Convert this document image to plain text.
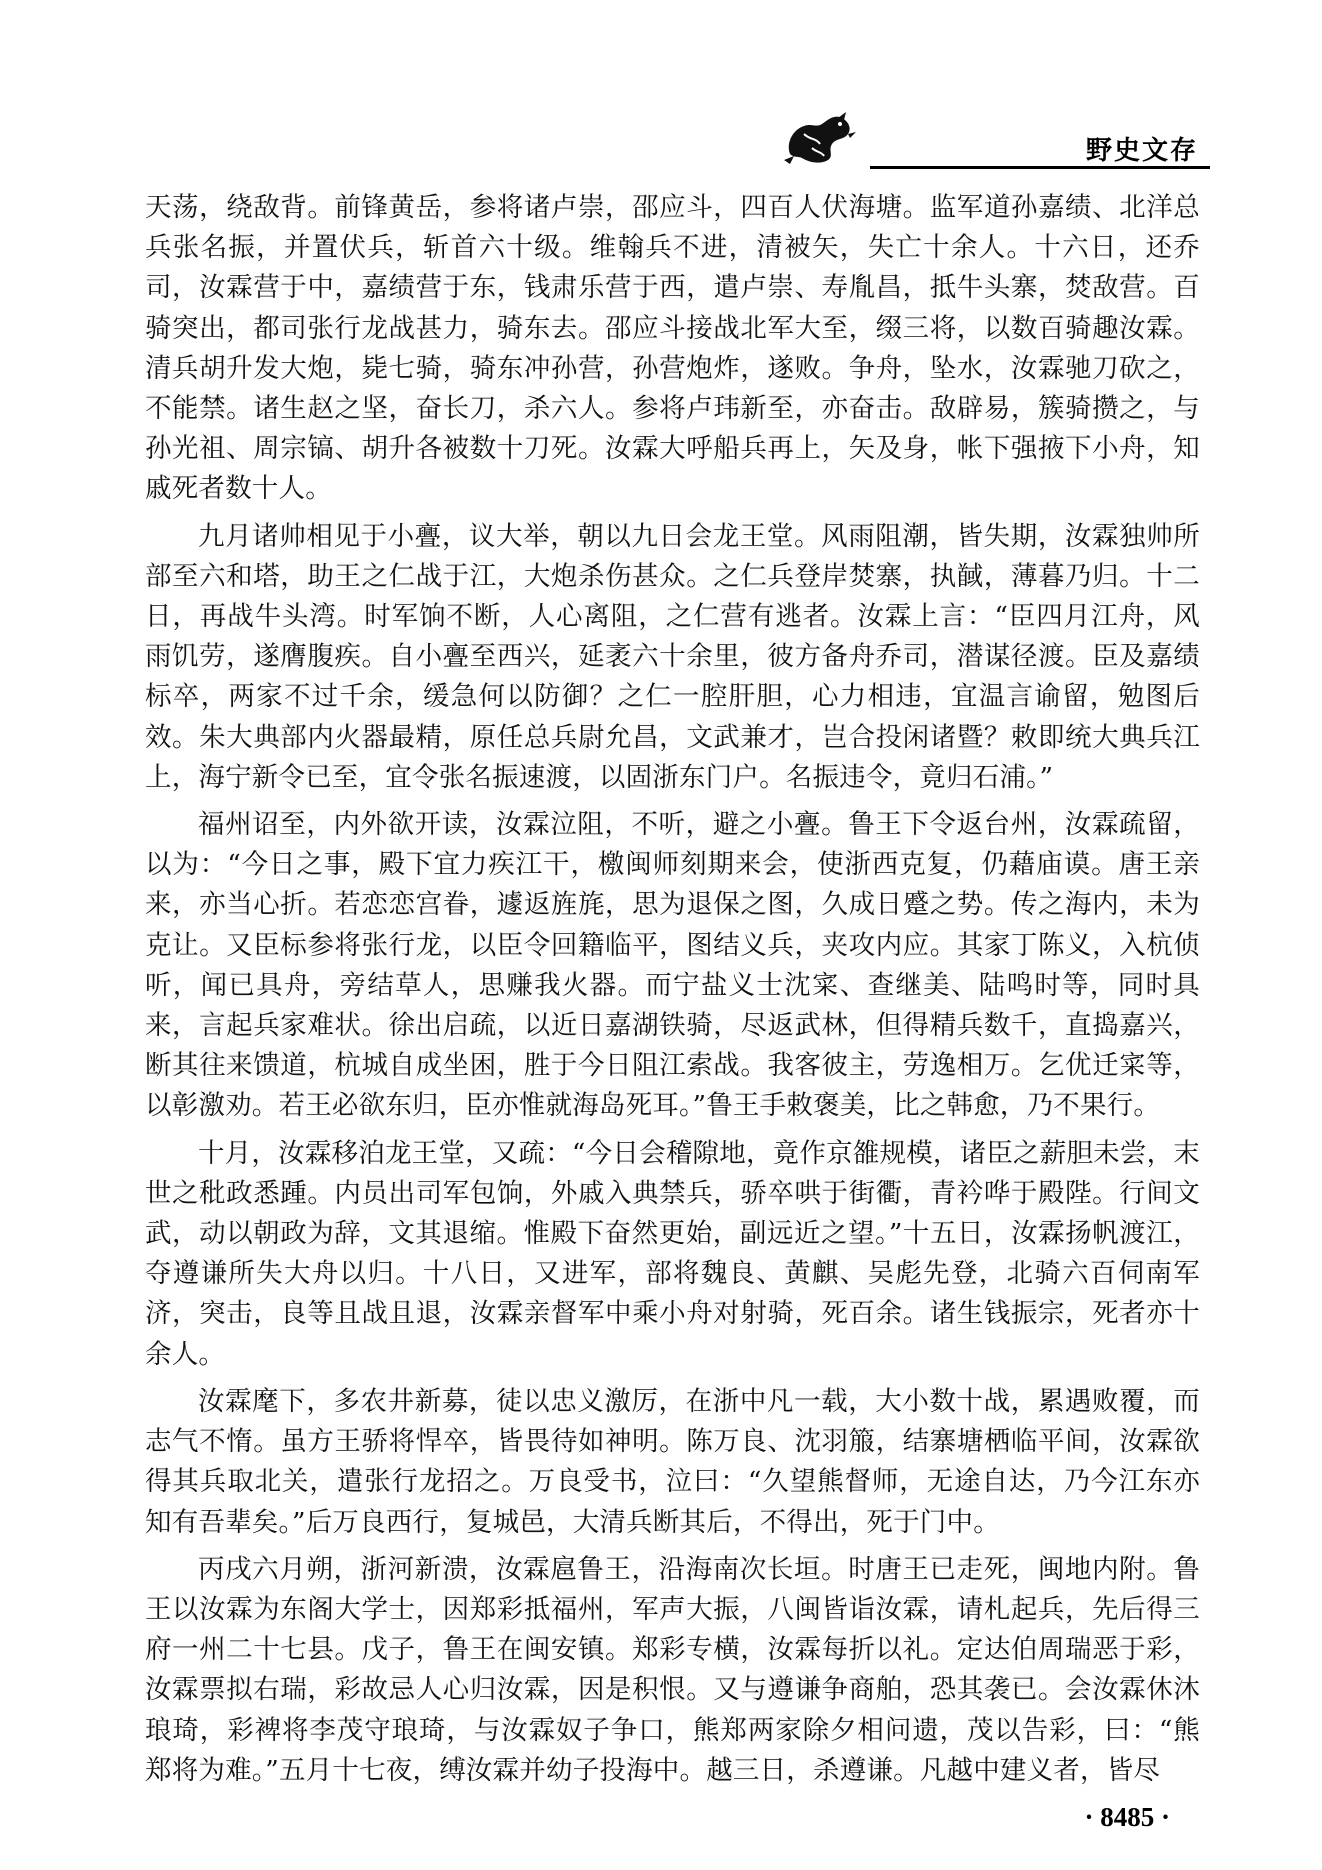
野史文存

天荡，绕敌背。前锋黄岳，参将诸卢崇，邵应斗，四百人伏海塘。监军道孙嘉绩、北洋总兵张名振，并置伏兵，斩首六十级。维翰兵不进，清被矢，失亡十余人。十六日，还乔司，汝霖营于中，嘉绩营于东，钱肃乐营于西，遣卢崇、寿胤昌，抵牛头寨，焚敌营。百骑突出，都司张行龙战甚力，骑东去。邵应斗接战北军大至，缀三将，以数百骑趣汝霖。清兵胡升发大炮，毙七骑，骑东冲孙营，孙营炮炸，遂败。争舟，坠水，汝霖驰刀砍之，不能禁。诸生赵之坚，奋长刀，杀六人。参将卢玮新至，亦奋击。敌辟易，簇骑攒之，与孙光祖、周宗镐、胡升各被数十刀死。汝霖大呼船兵再上，矢及身，帐下强掖下小舟，知戚死者数十人。

九月诸帅相见于小亹，议大举，朝以九日会龙王堂。风雨阻潮，皆失期，汝霖独帅所部至六和塔，助王之仁战于江，大炮杀伤甚众。之仁兵登岸焚寨，执馘，薄暮乃归。十二日，再战牛头湾。时军饷不断，人心离阻，之仁营有逃者。汝霖上言：“臣四月江舟，风雨饥劳，遂膺腹疾。自小亹至西兴，延袤六十余里，彼方备舟乔司，潜谋径渡。臣及嘉绩标卒，两家不过千余，缓急何以防御？之仁一腔肝胆，心力相违，宜温言谕留，勉图后效。朱大典部内火器最精，原任总兵尉允昌，文武兼才，岂合投闲诸暨？敕即统大典兵江上，海宁新令已至，宜令张名振速渡，以固浙东门户。名振违令，竟归石浦。”

福州诏至，内外欲开读，汝霖泣阻，不听，避之小亹。鲁王下令返台州，汝霖疏留，以为：“今日之事，殿下宜力疾江干，檄闽师刻期来会，使浙西克复，仍藉庙谟。唐王亲来，亦当心折。若恋恋宫眷，遽返旌旄，思为退保之图，久成日蹙之势。传之海内，未为克让。又臣标参将张行龙，以臣令回籍临平，图结义兵，夹攻内应。其家丁陈义，入杭侦听，闻已具舟，旁结草人，思赚我火器。而宁盐义士沈寀、查继美、陆鸣时等，同时具来，言起兵家难状。徐出启疏，以近日嘉湖铁骑，尽返武林，但得精兵数千，直捣嘉兴，断其往来馈道，杭城自成坐困，胜于今日阻江索战。我客彼主，劳逸相万。乞优迁寀等，以彰激劝。若王必欲东归，臣亦惟就海岛死耳。”鲁王手敕褒美，比之韩愈，乃不果行。

十月，汝霖移泊龙王堂，又疏：“今日会稽隙地，竟作京雒规模，诸臣之薪胆未尝，末世之秕政悉踵。内员出司军包饷，外戚入典禁兵，骄卒哄于街衢，青衿哗于殿陛。行间文武，动以朝政为辞，文其退缩。惟殿下奋然更始，副远近之望。”十五日，汝霖扬帆渡江，夺遵谦所失大舟以归。十八日，又进军，部将魏良、黄麒、吴彪先登，北骑六百伺南军济，突击，良等且战且退，汝霖亲督军中乘小舟对射骑，死百余。诸生钱振宗，死者亦十余人。

汝霖麾下，多农井新募，徒以忠义激厉，在浙中凡一载，大小数十战，累遇败覆，而志气不惰。虽方王骄将悍卒，皆畏待如神明。陈万良、沈羽箙，结寨塘栖临平间，汝霖欲得其兵取北关，遣张行龙招之。万良受书，泣曰：“久望熊督师，无途自达，乃今江东亦知有吾辈矣。”后万良西行，复城邑，大清兵断其后，不得出，死于门中。

丙戌六月朔，浙河新溃，汝霖扈鲁王，沿海南次长垣。时唐王已走死，闽地内附。鲁王以汝霖为东阁大学士，因郑彩抵福州，军声大振，八闽皆诣汝霖，请札起兵，先后得三府一州二十七县。戊子，鲁王在闽安镇。郑彩专横，汝霖每折以礼。定达伯周瑞恶于彩，汝霖票拟右瑞，彩故忌人心归汝霖，因是积恨。又与遵谦争商舶，恐其袭已。会汝霖休沐琅琦，彩裨将李茂守琅琦，与汝霖奴子争口，熊郑两家除夕相问遗，茂以告彩，曰：“熊郑将为难。”五月十七夜，缚汝霖并幼子投海中。越三日，杀遵谦。凡越中建义者，皆尽

· 8485 ·
